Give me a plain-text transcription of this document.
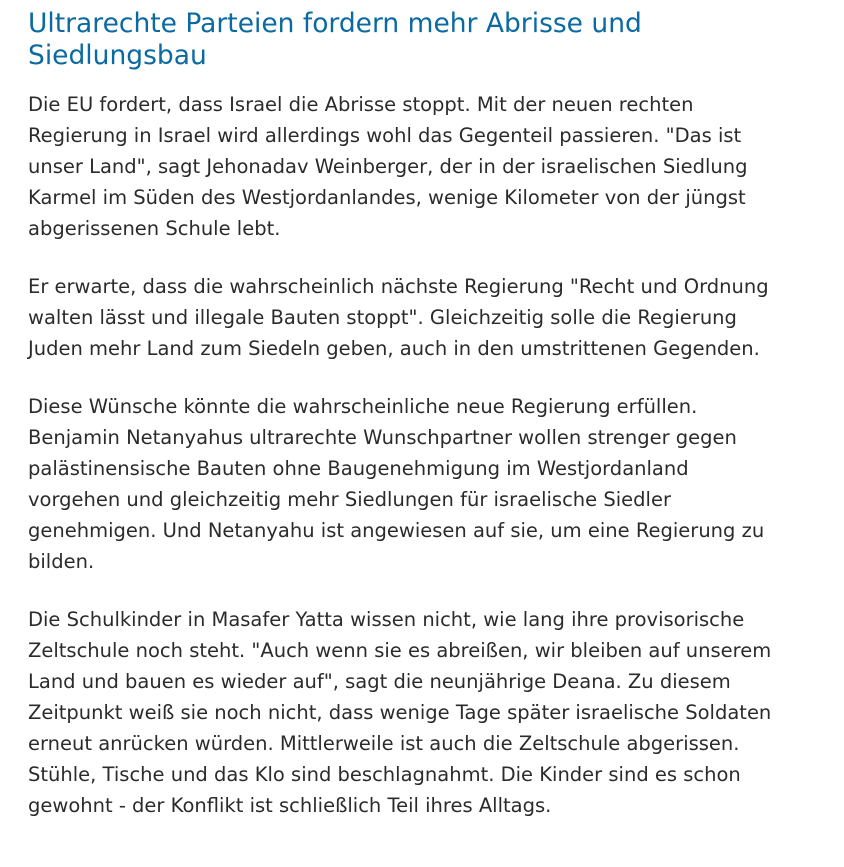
Ultrarechte Parteien fordern mehr Abrisse und
Siedlungsbau

Die EU fordert, dass Israel die Abrisse stoppt. Mit der neuen rechten
Regierung in Israel wird allerdings wohl das Gegenteil passieren. "Das ist
unser Land", sagt Jehonadav Weinberger, der in der israelischen Siedlung
Karmel im Süden des Westjordanlandes, wenige Kilometer von der jüngst
abgerissenen Schule lebt.

Er erwarte, dass die wahrscheinlich nächste Regierung "Recht und Ordnung
walten lässt und illegale Bauten stoppt". Gleichzeitig solle die Regierung
Juden mehr Land zum Siedeln geben, auch in den umstrittenen Gegenden.

Diese Wünsche könnte die wahrscheinliche neue Regierung erfüllen.
Benjamin Netanyahus ultrarechte Wunschpartner wollen strenger gegen
palästinensische Bauten ohne Baugenehmigung im Westjordanland
vorgehen und gleichzeitig mehr Siedlungen für israelische Siedler
genehmigen. Und Netanyahu ist angewiesen auf sie, um eine Regierung zu
bilden.

Die Schulkinder in Masafer Yatta wissen nicht, wie lang ihre provisorische
Zeltschule noch steht. "Auch wenn sie es abreißen, wir bleiben auf unserem
Land und bauen es wieder auf", sagt die neunjährige Deana. Zu diesem
Zeitpunkt weiß sie noch nicht, dass wenige Tage später israelische Soldaten
erneut anrücken würden. Mittlerweile ist auch die Zeltschule abgerissen.
Stühle, Tische und das Klo sind beschlagnahmt. Die Kinder sind es schon
gewohnt - der Konflikt ist schließlich Teil ihres Alltags.
